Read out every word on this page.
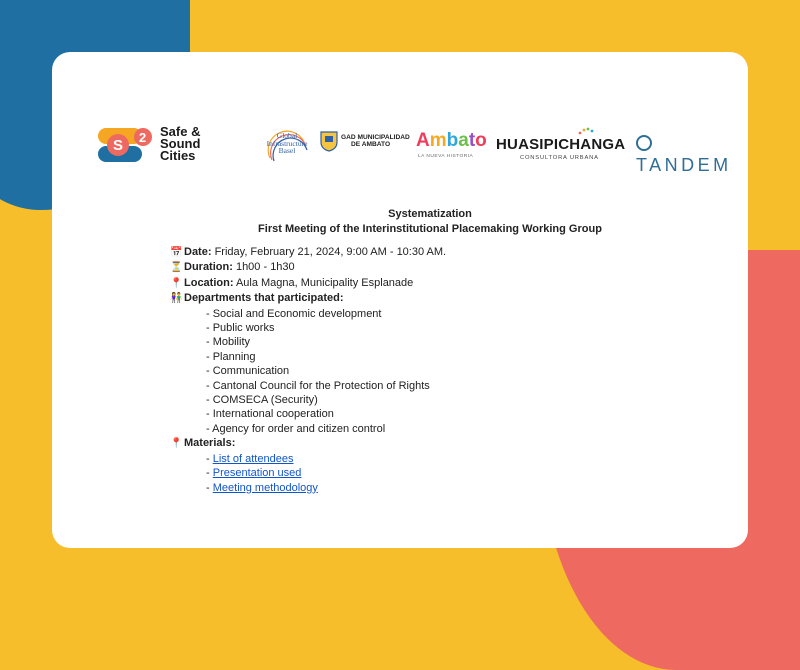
S 2 Safe &
Sound
Cities
Global
Infrastructure
Basel
GAD MUNICIPALIDAD
DE AMBATO	Ambato
LA NUEVA HISTORIA
HUASIPICHANGA
CONSULTORA URBANA TANDEM
Systematization
First Meeting of the Interinstitutional Placemaking Working Group
📅 Date: Friday, February 21, 2024, 9:00 AM - 10:30 AM.
⏳ Duration: 1h00 - 1h30
📍 Location: Aula Magna, Municipality Esplanade
👫 Departments that participated:
- Social and Economic development
- Public works
- Mobility
- Planning
- Communication
- Cantonal Council for the Protection of Rights
- COMSECA (Security)
- International cooperation
- Agency for order and citizen control
📍 Materials:
- List of attendees
- Presentation used
- Meeting methodology
